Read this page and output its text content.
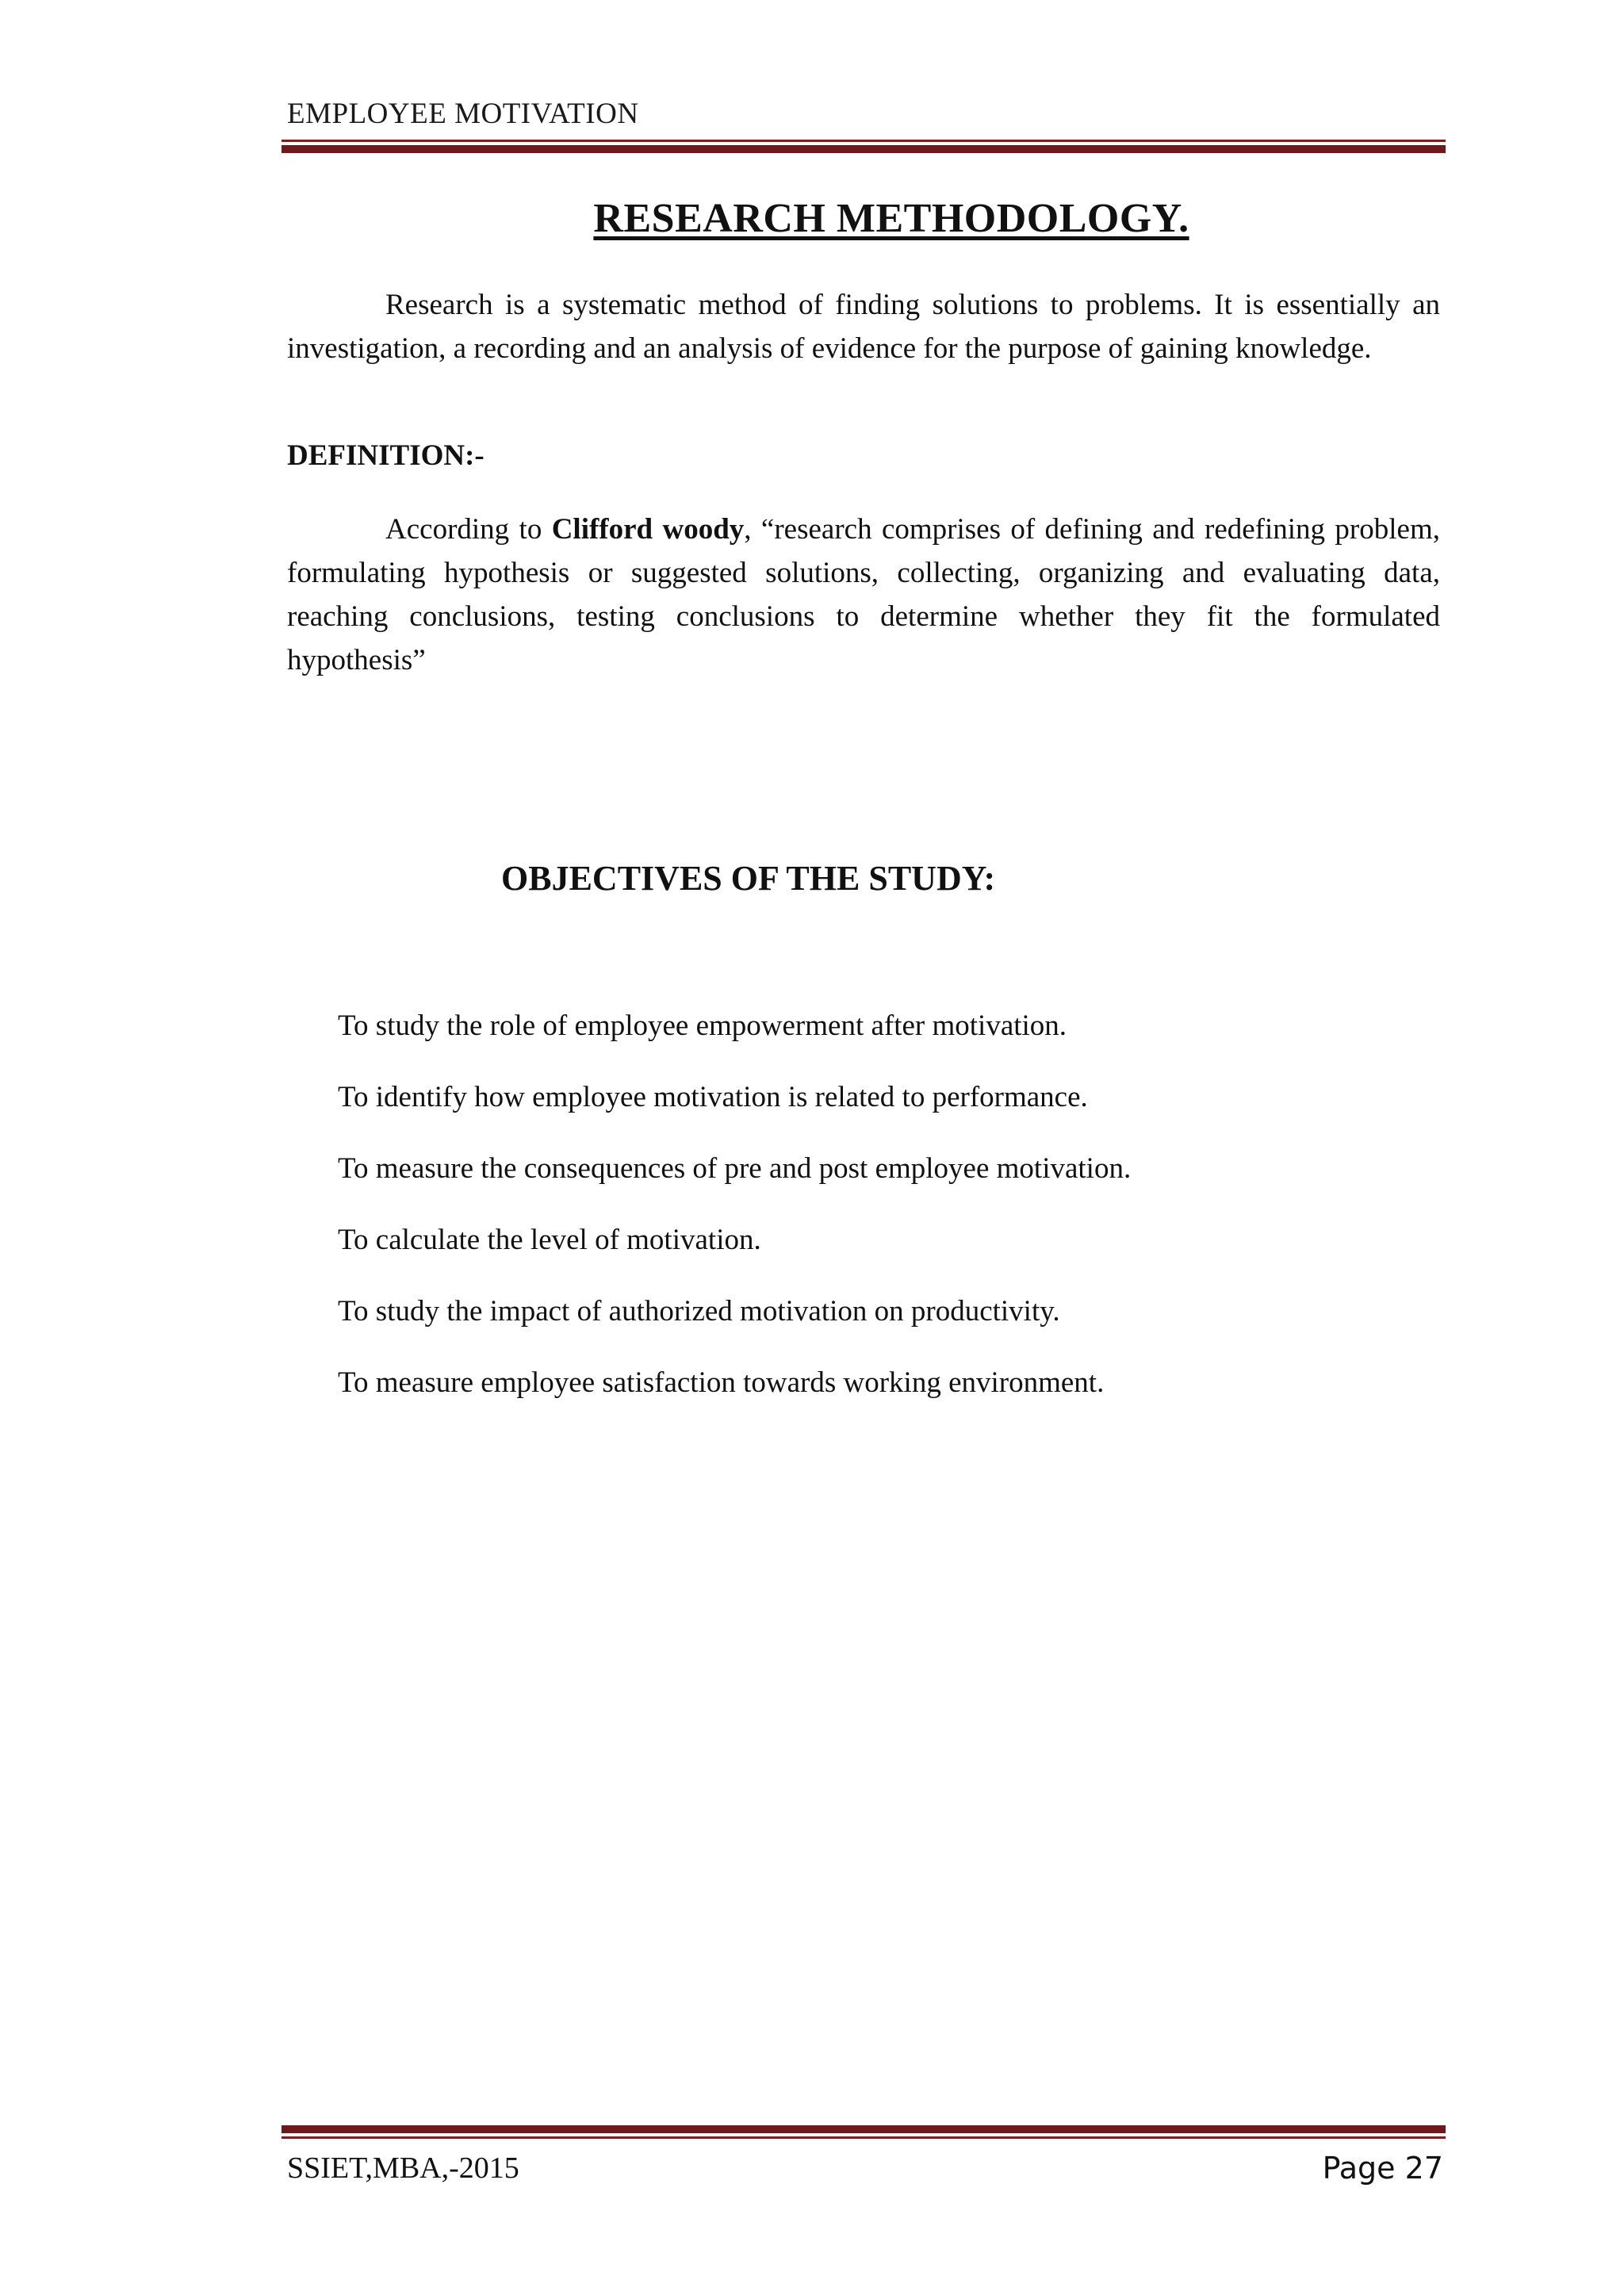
EMPLOYEE MOTIVATION
RESEARCH METHODOLOGY.

Research is a systematic method of finding solutions to problems. It is essentially an investigation, a recording and an analysis of evidence for the purpose of gaining knowledge.

DEFINITION:-

According to Clifford woody, “research comprises of defining and redefining problem, formulating hypothesis or suggested solutions, collecting, organizing and evaluating data, reaching conclusions, testing conclusions to determine whether they fit the formulated hypothesis”

OBJECTIVES OF THE STUDY:
To study the role of employee empowerment after motivation.
To identify how employee motivation is related to performance.
To measure the consequences of pre and post employee motivation.
To calculate the level of motivation.
To study the impact of authorized motivation on productivity.
To measure employee satisfaction towards working environment.
SSIET,MBA,-2015	Page 27
